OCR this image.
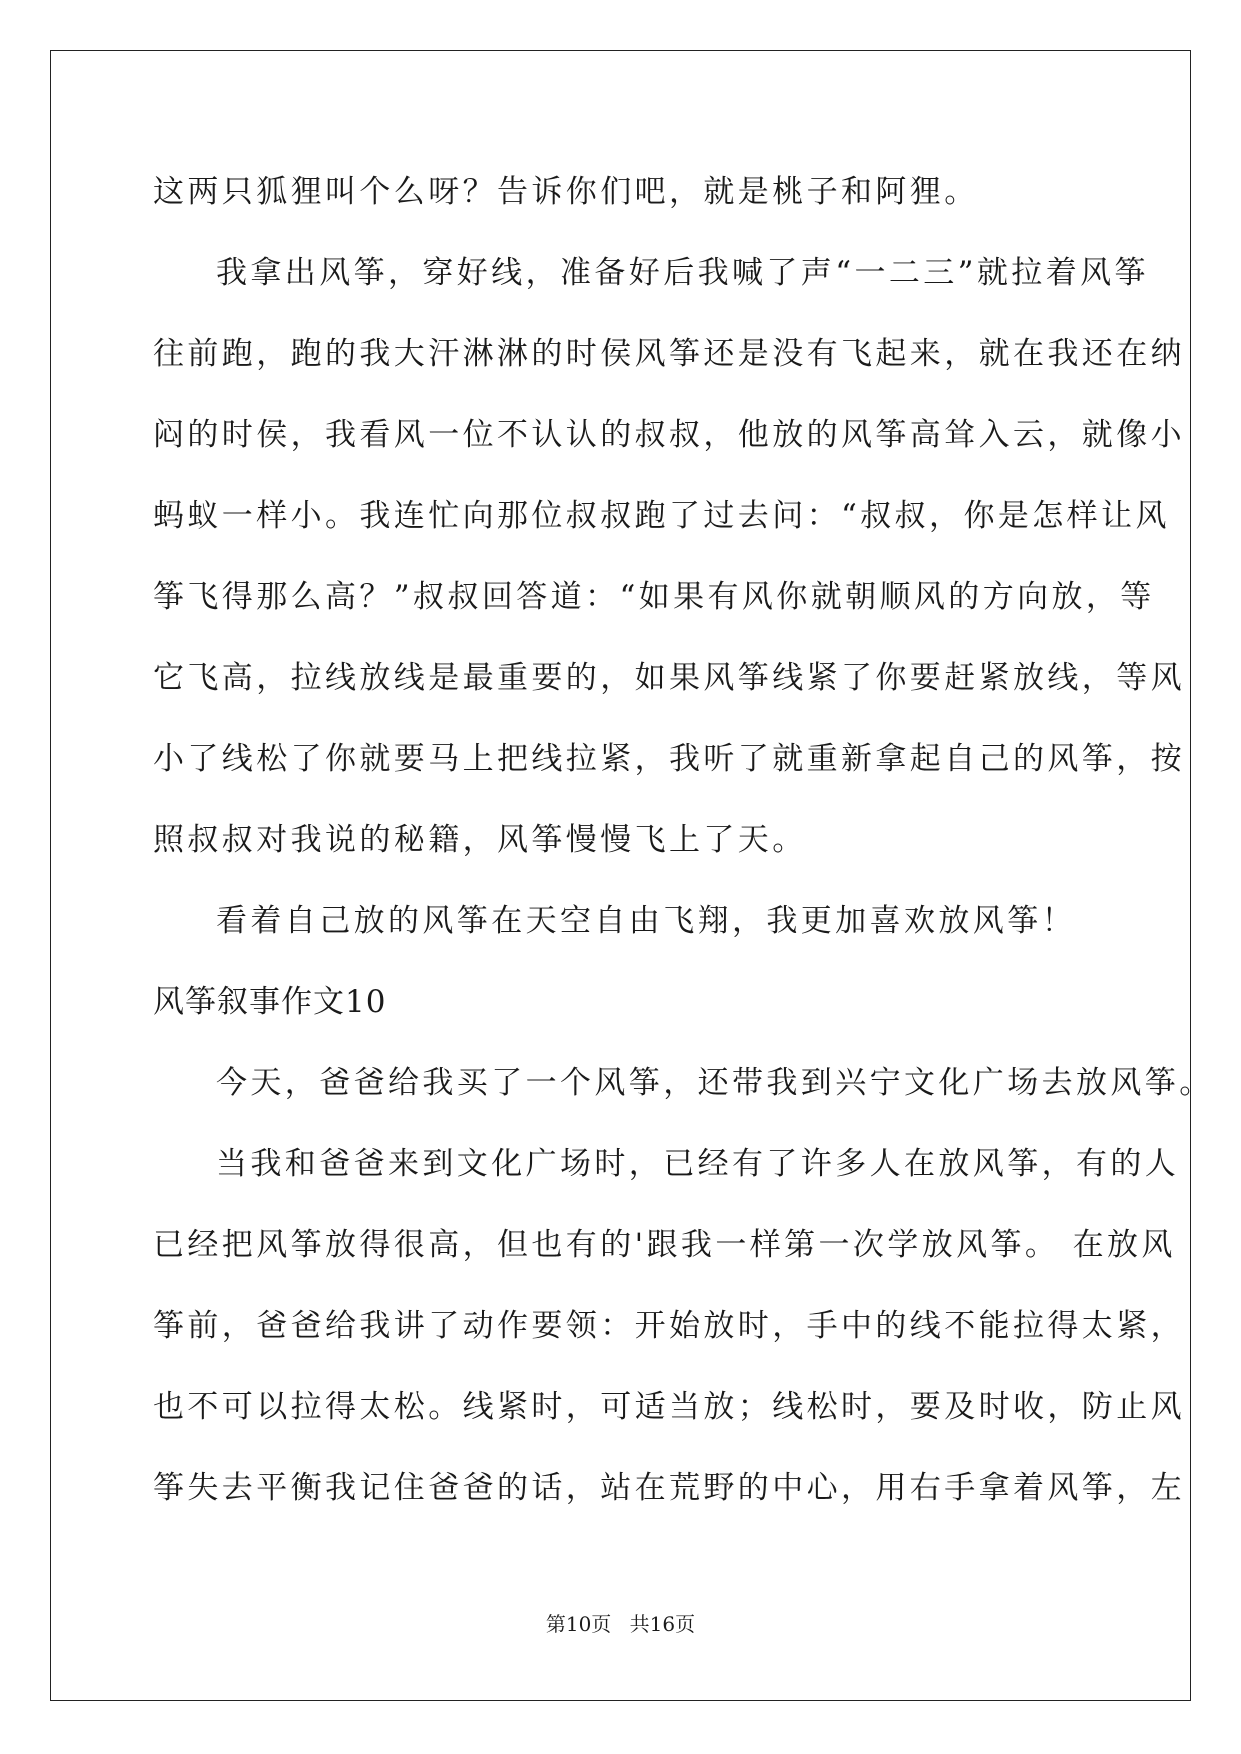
这两只狐狸叫个么呀？告诉你们吧，就是桃子和阿狸。

我拿出风筝，穿好线，准备好后我喊了声“一二三”就拉着风筝

往前跑，跑的我大汗淋淋的时侯风筝还是没有飞起来，就在我还在纳

闷的时侯，我看风一位不认认的叔叔，他放的风筝高耸入云，就像小

蚂蚁一样小。我连忙向那位叔叔跑了过去问：“叔叔，你是怎样让风

筝飞得那么高？”叔叔回答道：“如果有风你就朝顺风的方向放，等

它飞高，拉线放线是最重要的，如果风筝线紧了你要赶紧放线，等风

小了线松了你就要马上把线拉紧，我听了就重新拿起自己的风筝，按

照叔叔对我说的秘籍，风筝慢慢飞上了天。

看着自己放的风筝在天空自由飞翔，我更加喜欢放风筝！

风筝叙事作文10

今天，爸爸给我买了一个风筝，还带我到兴宁文化广场去放风筝。

当我和爸爸来到文化广场时，已经有了许多人在放风筝，有的人

已经把风筝放得很高，但也有的'跟我一样第一次学放风筝。 在放风

筝前，爸爸给我讲了动作要领：开始放时，手中的线不能拉得太紧，

也不可以拉得太松。线紧时，可适当放；线松时，要及时收，防止风

筝失去平衡我记住爸爸的话，站在荒野的中心，用右手拿着风筝，左

第10页 共16页
